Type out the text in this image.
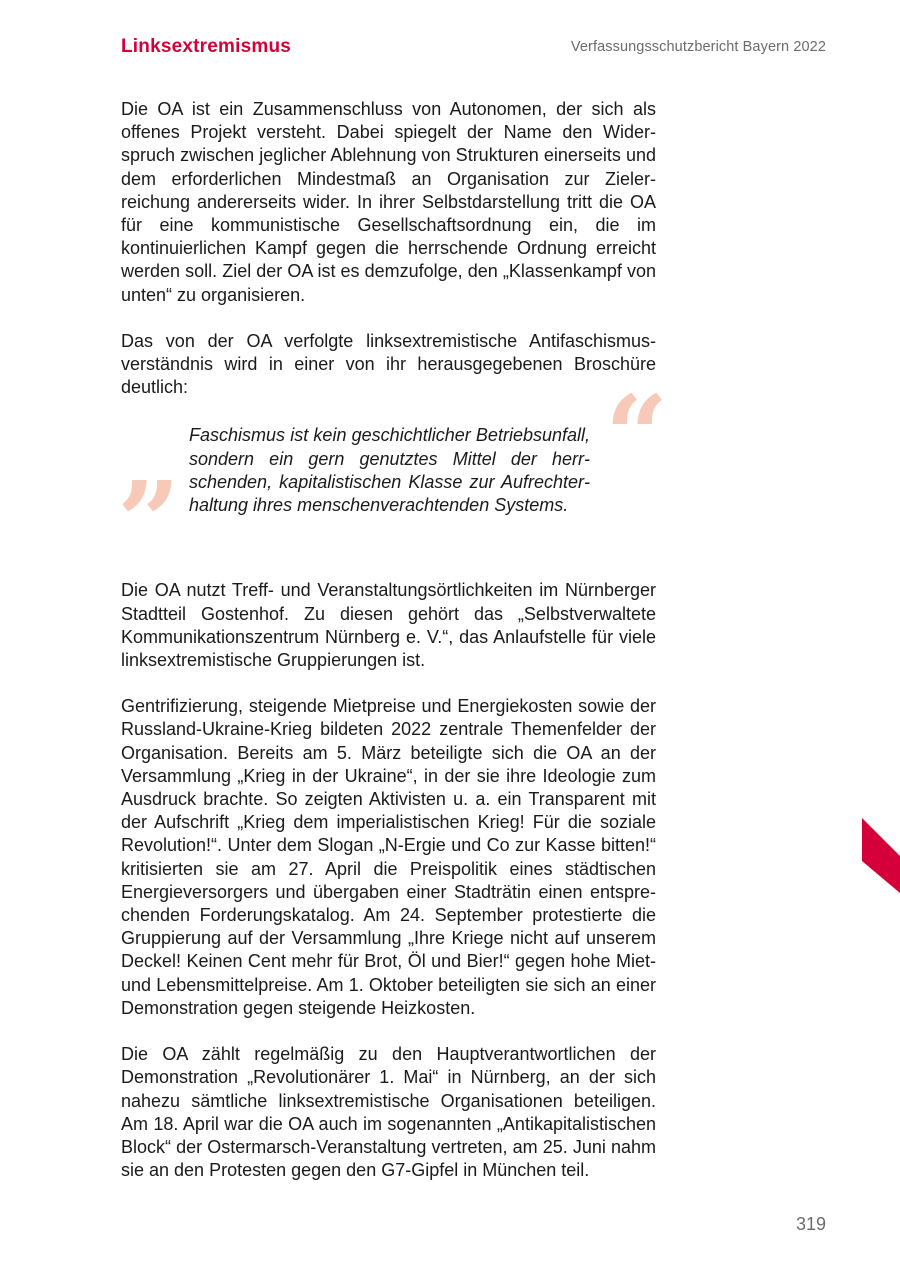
Linksextremismus	Verfassungsschutzbericht Bayern 2022

Die OA ist ein Zusammenschluss von Autonomen, der sich als offenes Projekt versteht. Dabei spiegelt der Name den Widerspruch zwischen jeglicher Ablehnung von Strukturen einerseits und dem erforderlichen Mindestmaß an Organisation zur Zielerreichung andererseits wider. In ihrer Selbstdarstellung tritt die OA für eine kommunistische Gesellschaftsordnung ein, die im kontinuierlichen Kampf gegen die herrschende Ordnung erreicht werden soll. Ziel der OA ist es demzufolge, den „Klassenkampf von unten“ zu organisieren.

Das von der OA verfolgte linksextremistische Antifaschismusverständnis wird in einer von ihr herausgegebenen Broschüre deutlich:	“

Faschismus ist kein geschichtlicher Betriebsunfall, sondern ein gern genutztes Mittel der herrschenden, kapitalistischen Klasse zur Aufrechterhaltung ihres menschenverachtenden Systems.

”

Die OA nutzt Treff- und Veranstaltungsörtlichkeiten im Nürnberger Stadtteil Gostenhof. Zu diesen gehört das „Selbstverwaltete Kommunikationszentrum Nürnberg e. V.“, das Anlaufstelle für viele linksextremistische Gruppierungen ist.

Gentrifizierung, steigende Mietpreise und Energiekosten sowie der Russland-Ukraine-Krieg bildeten 2022 zentrale Themenfelder der Organisation. Bereits am 5. März beteiligte sich die OA an der Versammlung „Krieg in der Ukraine“, in der sie ihre Ideologie zum Ausdruck brachte. So zeigten Aktivisten u. a. ein Transparent mit der Aufschrift „Krieg dem imperialistischen Krieg! Für die soziale Revolution!“. Unter dem Slogan „N-Ergie und Co zur Kasse bitten!“ kritisierten sie am 27. April die Preispolitik eines städtischen Energieversorgers und übergaben einer Stadträtin einen entsprechenden Forderungskatalog. Am 24. September protestierte die Gruppierung auf der Versammlung „Ihre Kriege nicht auf unserem Deckel! Keinen Cent mehr für Brot, Öl und Bier!“ gegen hohe Miet- und Lebensmittelpreise. Am 1. Oktober beteiligten sie sich an einer Demonstration gegen steigende Heizkosten.

Die OA zählt regelmäßig zu den Hauptverantwortlichen der Demonstration „Revolutionärer 1. Mai“ in Nürnberg, an der sich nahezu sämtliche linksextremistische Organisationen beteiligen. Am 18. April war die OA auch im sogenannten „Antikapitalistischen Block“ der Ostermarsch-Veranstaltung vertreten, am 25. Juni nahm sie an den Protesten gegen den G7-Gipfel in München teil.

319
